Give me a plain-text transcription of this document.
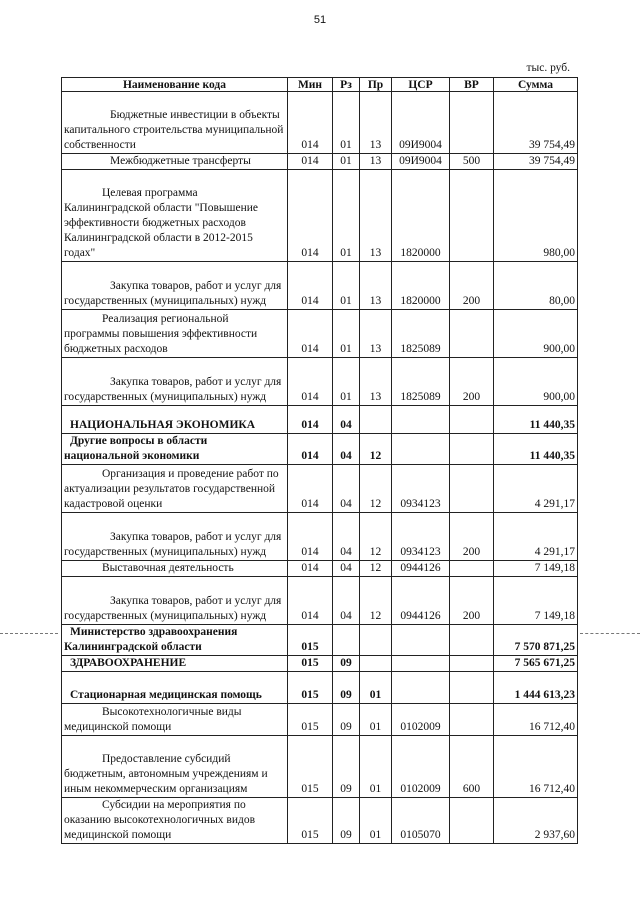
51
тыс. руб.
Наименование кода	Мин	Рз	Пр	ЦСР	ВР	Сумма
Бюджетные инвестиции в объекты капитального строительства муниципальной собственности	014	01	13	09И9004		39 754,49
Межбюджетные трансферты	014	01	13	09И9004	500	39 754,49
Целевая программа Калининградской области "Повышение эффективности бюджетных расходов Калининградской области в 2012-2015 годах"	014	01	13	1820000		980,00
Закупка товаров, работ и услуг для государственных (муниципальных) нужд	014	01	13	1820000	200	80,00
Реализация региональной программы повышения эффективности бюджетных расходов	014	01	13	1825089		900,00
Закупка товаров, работ и услуг для государственных (муниципальных) нужд	014	01	13	1825089	200	900,00
НАЦИОНАЛЬНАЯ ЭКОНОМИКА	014	04				11 440,35
Другие вопросы в области национальной экономики	014	04	12			11 440,35
Организация и проведение работ по актуализации результатов государственной кадастровой оценки	014	04	12	0934123		4 291,17
Закупка товаров, работ и услуг для государственных (муниципальных) нужд	014	04	12	0934123	200	4 291,17
Выставочная деятельность	014	04	12	0944126		7 149,18
Закупка товаров, работ и услуг для государственных (муниципальных) нужд	014	04	12	0944126	200	7 149,18
Министерство здравоохранения Калининградской области	015					7 570 871,25
ЗДРАВООХРАНЕНИЕ	015	09				7 565 671,25
Стационарная медицинская помощь	015	09	01			1 444 613,23
Высокотехнологичные виды медицинской помощи	015	09	01	0102009		16 712,40
Предоставление субсидий бюджетным, автономным учреждениям и иным некоммерческим организациям	015	09	01	0102009	600	16 712,40
Субсидии на мероприятия по оказанию высокотехнологичных видов медицинской помощи	015	09	01	0105070		2 937,60
